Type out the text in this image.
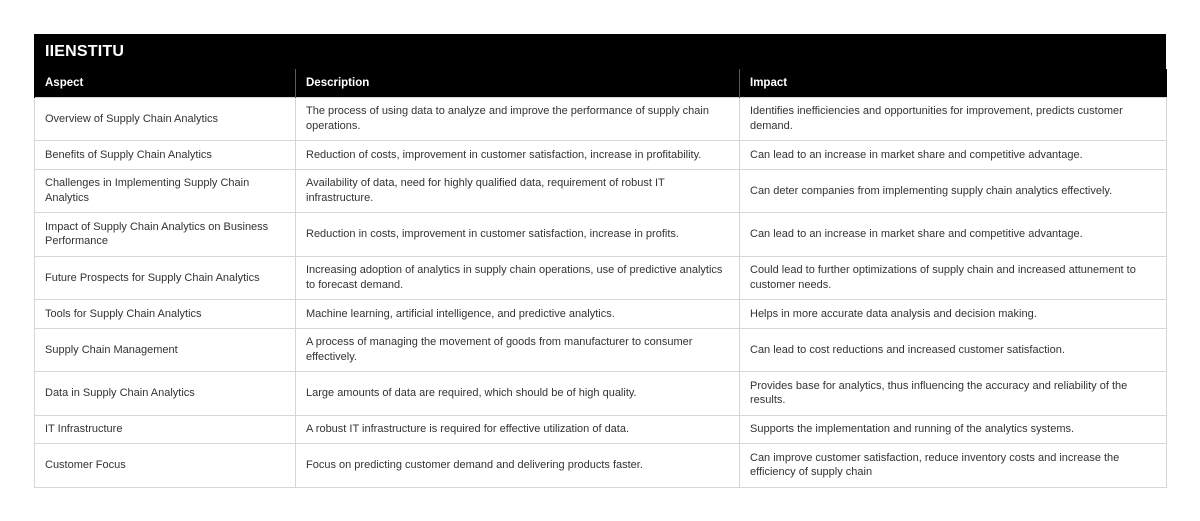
IIENSTITU
Aspect	Description	Impact
Overview of Supply Chain Analytics	The process of using data to analyze and improve the performance of supply chain operations.	Identifies inefficiencies and opportunities for improvement, predicts customer demand.
Benefits of Supply Chain Analytics	Reduction of costs, improvement in customer satisfaction, increase in profitability.	Can lead to an increase in market share and competitive advantage.
Challenges in Implementing Supply Chain Analytics	Availability of data, need for highly qualified data, requirement of robust IT infrastructure.	Can deter companies from implementing supply chain analytics effectively.
Impact of Supply Chain Analytics on Business Performance	Reduction in costs, improvement in customer satisfaction, increase in profits.	Can lead to an increase in market share and competitive advantage.
Future Prospects for Supply Chain Analytics	Increasing adoption of analytics in supply chain operations, use of predictive analytics to forecast demand.	Could lead to further optimizations of supply chain and increased attunement to customer needs.
Tools for Supply Chain Analytics	Machine learning, artificial intelligence, and predictive analytics.	Helps in more accurate data analysis and decision making.
Supply Chain Management	A process of managing the movement of goods from manufacturer to consumer effectively.	Can lead to cost reductions and increased customer satisfaction.
Data in Supply Chain Analytics	Large amounts of data are required, which should be of high quality.	Provides base for analytics, thus influencing the accuracy and reliability of the results.
IT Infrastructure	A robust IT infrastructure is required for effective utilization of data.	Supports the implementation and running of the analytics systems.
Customer Focus	Focus on predicting customer demand and delivering products faster.	Can improve customer satisfaction, reduce inventory costs and increase the efficiency of supply chain
